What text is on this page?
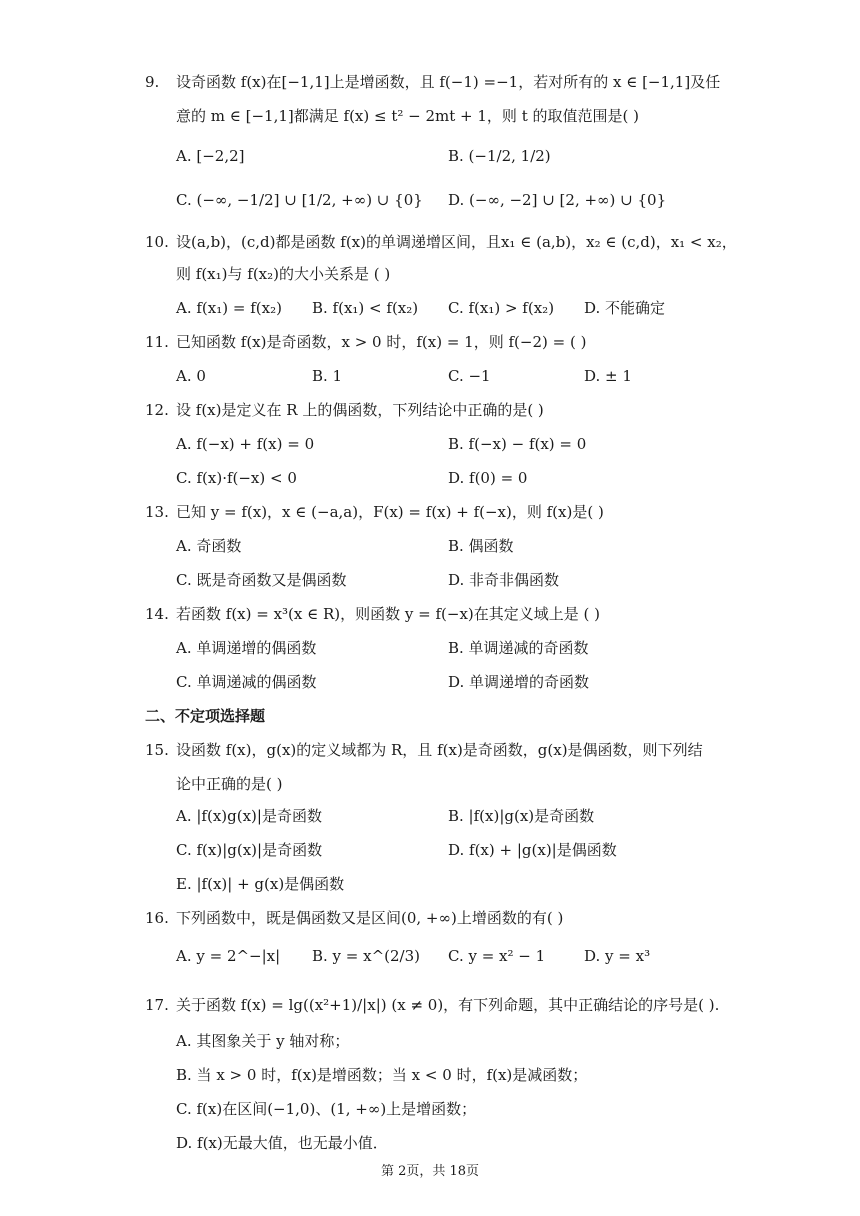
9. 设奇函数 f(x)在[−1,1]上是增函数，且 f(−1) =−1，若对所有的 x ∈ [−1,1]及任
意的 m ∈ [−1,1]都满足 f(x) ≤ t² − 2mt + 1，则 t 的取值范围是( )
A. [−2,2]	B. (−1/2, 1/2)
C. (−∞, −1/2] ∪ [1/2, +∞) ∪ {0} D. (−∞, −2] ∪ [2, +∞) ∪ {0}
10. 设(a,b)，(c,d)都是函数 f(x)的单调递增区间，且x₁ ∈ (a,b)，x₂ ∈ (c,d)，x₁ < x₂，
则 f(x₁)与 f(x₂)的大小关系是 ( )
A. f(x₁) = f(x₂) B. f(x₁) < f(x₂) C. f(x₁) > f(x₂) D. 不能确定
11. 已知函数 f(x)是奇函数，x > 0 时，f(x) = 1，则 f(−2) = ( )
A. 0	B. 1	C. −1	D. ± 1
12. 设 f(x)是定义在 R 上的偶函数，下列结论中正确的是( )
A. f(−x) + f(x) = 0	B. f(−x) − f(x) = 0
C. f(x)·f(−x) < 0	D. f(0) = 0
13. 已知 y = f(x)，x ∈ (−a,a)，F(x) = f(x) + f(−x)，则 f(x)是( )
A. 奇函数	B. 偶函数
C. 既是奇函数又是偶函数	D. 非奇非偶函数
14. 若函数 f(x) = x³(x ∈ R)，则函数 y = f(−x)在其定义域上是 ( )
A. 单调递增的偶函数	B. 单调递减的奇函数
C. 单调递减的偶函数	D. 单调递增的奇函数
二、不定项选择题
15. 设函数 f(x)，g(x)的定义域都为 R，且 f(x)是奇函数，g(x)是偶函数，则下列结
论中正确的是( )
A. |f(x)g(x)|是奇函数	B. |f(x)|g(x)是奇函数
C. f(x)|g(x)|是奇函数	D. f(x) + |g(x)|是偶函数
E. |f(x)| + g(x)是偶函数
16. 下列函数中，既是偶函数又是区间(0, +∞)上增函数的有( )
A. y = 2^−|x| B. y = x^(2/3) C. y = x² − 1	D. y = x³
17. 关于函数 f(x) = lg((x²+1)/|x|) (x ≠ 0)，有下列命题，其中正确结论的序号是( ).
A. 其图象关于 y 轴对称；
B. 当 x > 0 时，f(x)是增函数；当 x < 0 时，f(x)是减函数；
C. f(x)在区间(−1,0)、(1, +∞)上是增函数；
D. f(x)无最大值，也无最小值．
第 2页，共 18页
